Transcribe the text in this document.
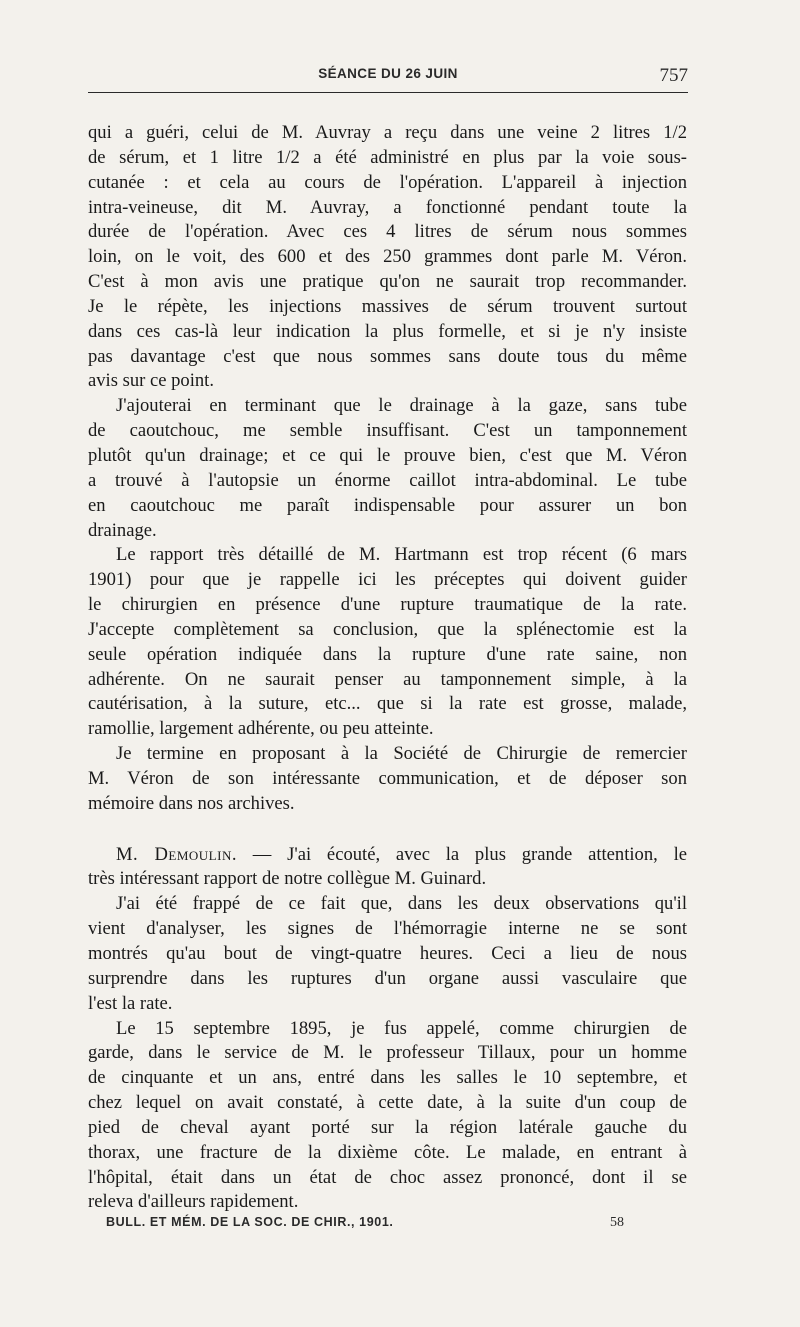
SÉANCE DU 26 JUIN	757

qui a guéri, celui de M. Auvray a reçu dans une veine 2 litres 1/2
de sérum, et 1 litre 1/2 a été administré en plus par la voie sous-
cutanée : et cela au cours de l'opération. L'appareil à injection
intra-veineuse, dit M. Auvray, a fonctionné pendant toute la
durée de l'opération. Avec ces 4 litres de sérum nous sommes
loin, on le voit, des 600 et des 250 grammes dont parle M. Véron.
C'est à mon avis une pratique qu'on ne saurait trop recommander.
Je le répète, les injections massives de sérum trouvent surtout
dans ces cas-là leur indication la plus formelle, et si je n'y insiste
pas davantage c'est que nous sommes sans doute tous du même
avis sur ce point.

J'ajouterai en terminant que le drainage à la gaze, sans tube
de caoutchouc, me semble insuffisant. C'est un tamponnement
plutôt qu'un drainage; et ce qui le prouve bien, c'est que M. Véron
a trouvé à l'autopsie un énorme caillot intra-abdominal. Le tube
en caoutchouc me paraît indispensable pour assurer un bon
drainage.

Le rapport très détaillé de M. Hartmann est trop récent (6 mars
1901) pour que je rappelle ici les préceptes qui doivent guider
le chirurgien en présence d'une rupture traumatique de la rate.
J'accepte complètement sa conclusion, que la splénectomie est la
seule opération indiquée dans la rupture d'une rate saine, non
adhérente. On ne saurait penser au tamponnement simple, à la
cautérisation, à la suture, etc... que si la rate est grosse, malade,
ramollie, largement adhérente, ou peu atteinte.

Je termine en proposant à la Société de Chirurgie de remercier
M. Véron de son intéressante communication, et de déposer son
mémoire dans nos archives.

M. Demoulin. — J'ai écouté, avec la plus grande attention, le
très intéressant rapport de notre collègue M. Guinard.

J'ai été frappé de ce fait que, dans les deux observations qu'il
vient d'analyser, les signes de l'hémorragie interne ne se sont
montrés qu'au bout de vingt-quatre heures. Ceci a lieu de nous
surprendre dans les ruptures d'un organe aussi vasculaire que
l'est la rate.

Le 15 septembre 1895, je fus appelé, comme chirurgien de
garde, dans le service de M. le professeur Tillaux, pour un homme
de cinquante et un ans, entré dans les salles le 10 septembre, et
chez lequel on avait constaté, à cette date, à la suite d'un coup de
pied de cheval ayant porté sur la région latérale gauche du
thorax, une fracture de la dixième côte. Le malade, en entrant à
l'hôpital, était dans un état de choc assez prononcé, dont il se
releva d'ailleurs rapidement.

BULL. ET MÉM. DE LA SOC. DE CHIR., 1901.	58
